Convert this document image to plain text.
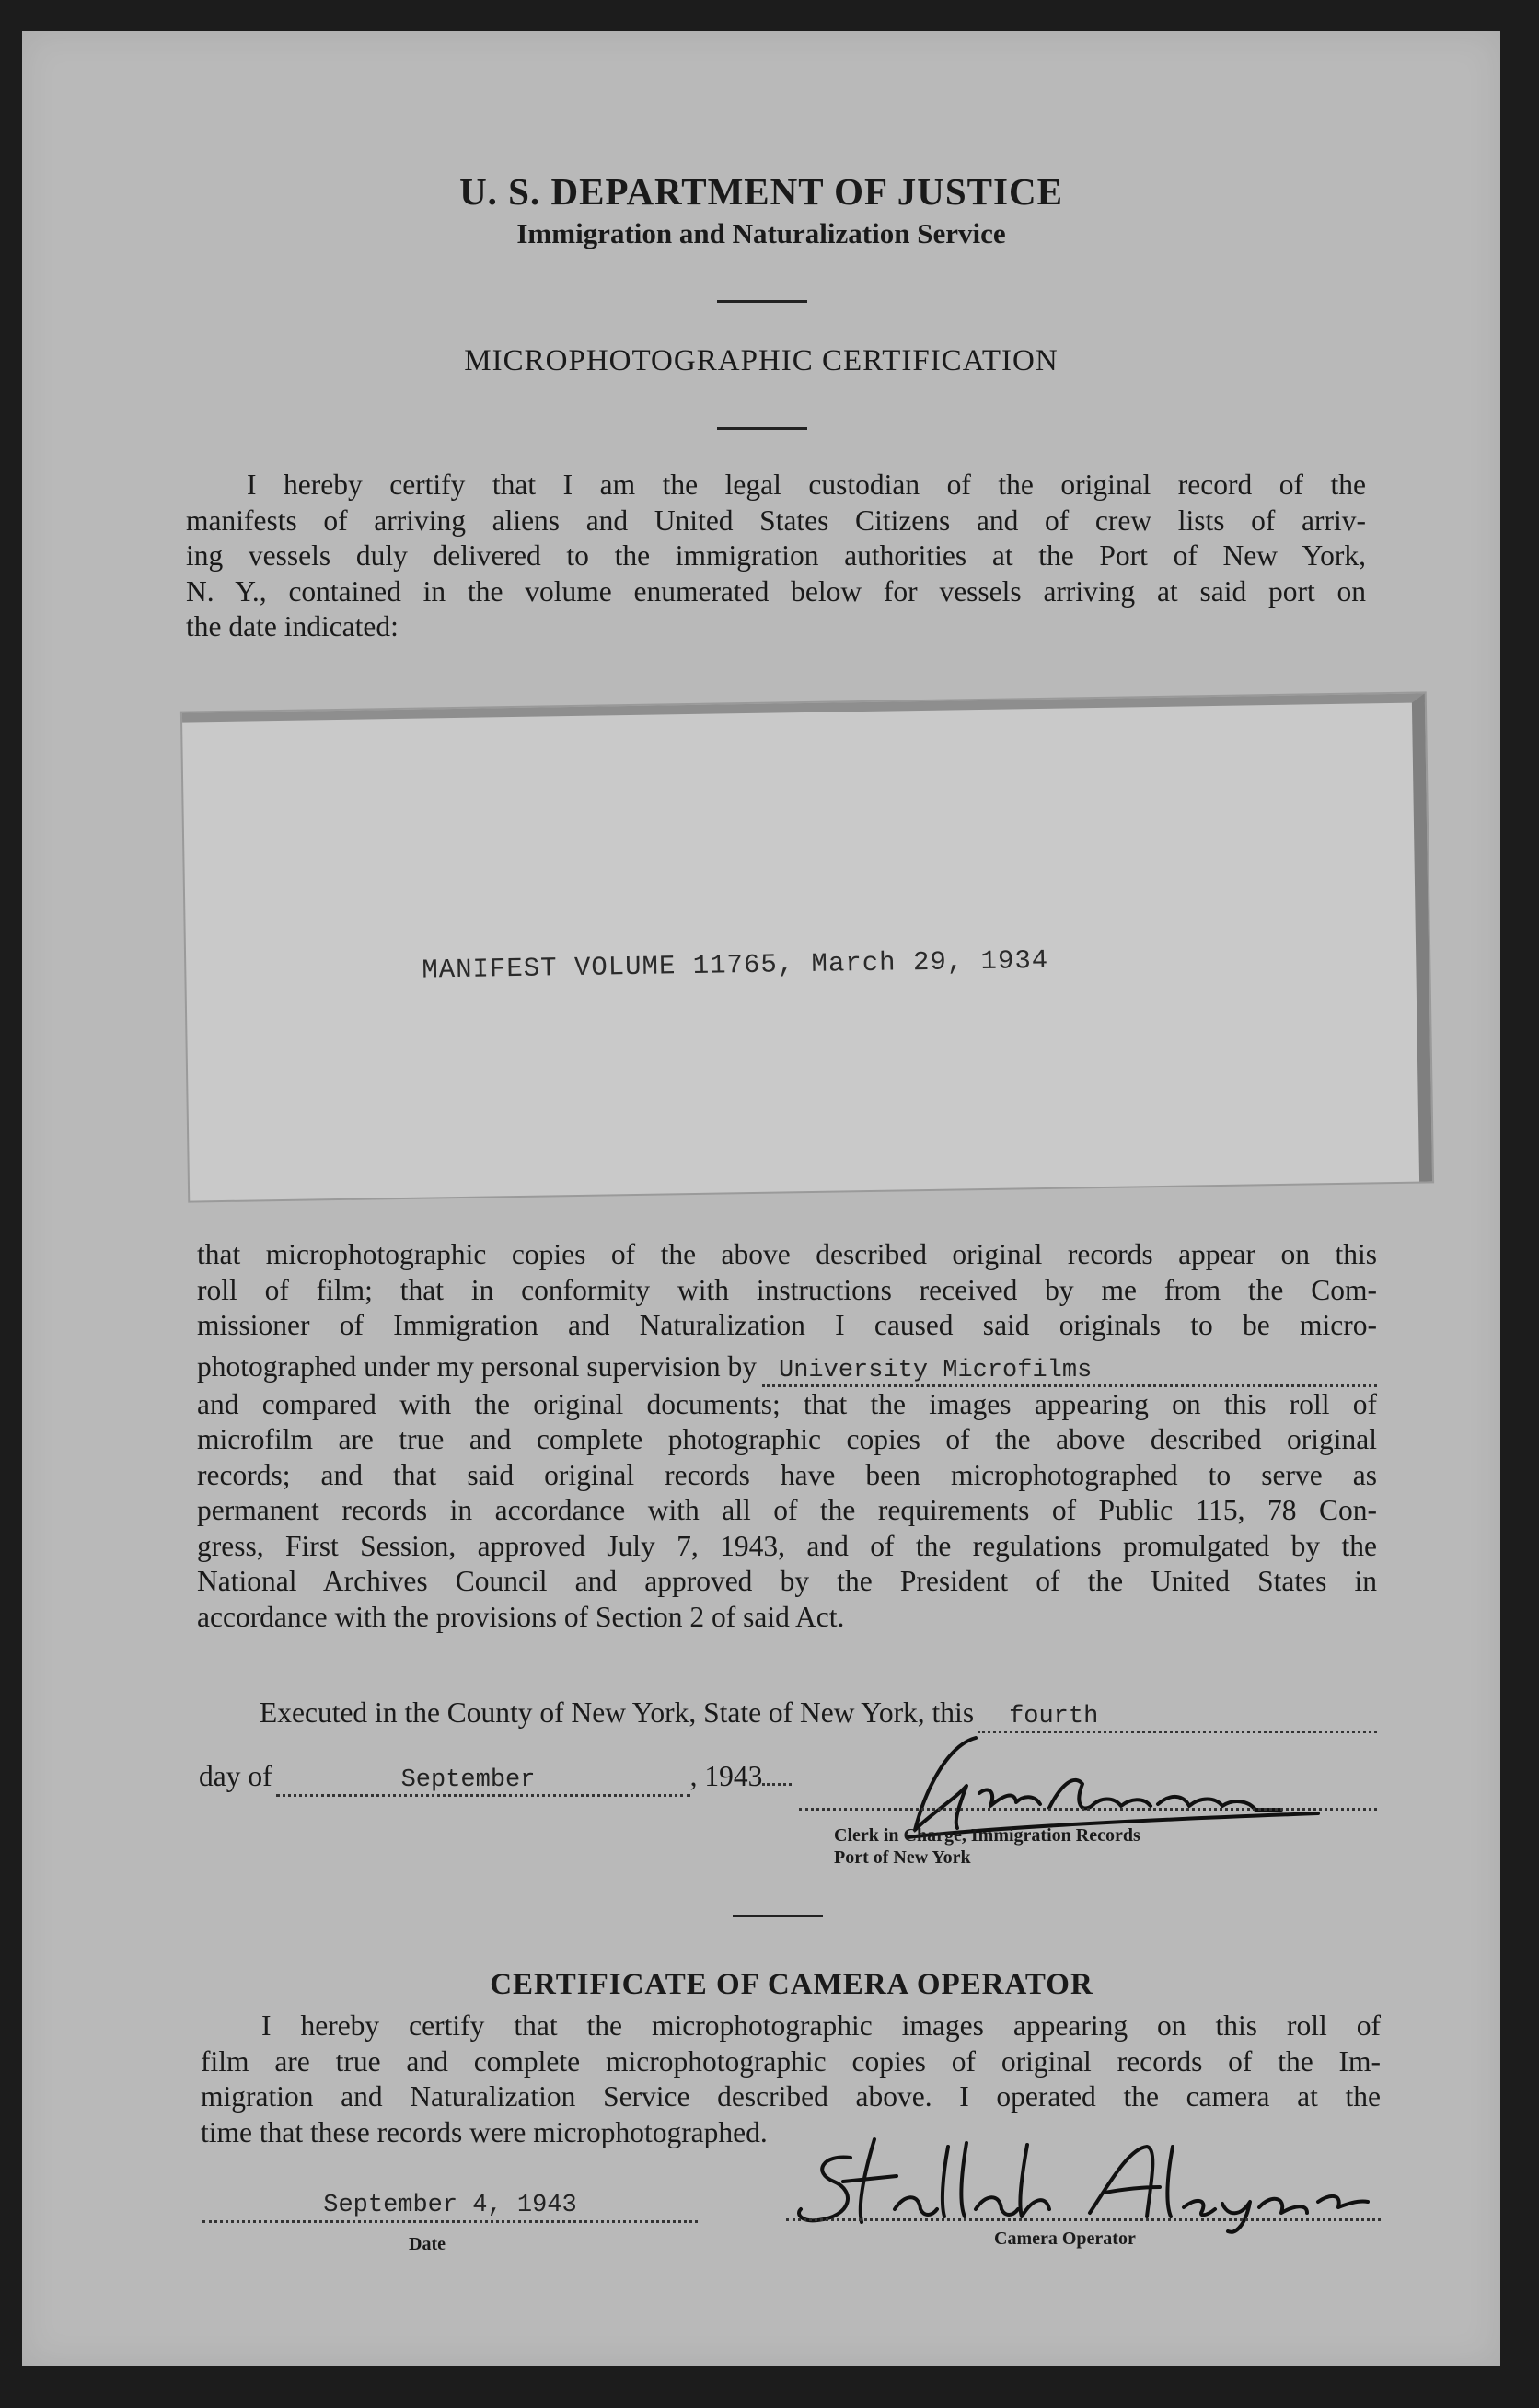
U. S. DEPARTMENT OF JUSTICE
Immigration and Naturalization Service
MICROPHOTOGRAPHIC CERTIFICATION
I hereby certify that I am the legal custodian of the original record of the
manifests of arriving aliens and United States Citizens and of crew lists of arriv-
ing vessels duly delivered to the immigration authorities at the Port of New York,
N. Y., contained in the volume enumerated below for vessels arriving at said port on
the date indicated:
MANIFEST VOLUME 11765, March 29, 1934
that microphotographic copies of the above described original records appear on this
roll of film; that in conformity with instructions received by me from the Com-
missioner of Immigration and Naturalization I caused said originals to be micro-
photographed under my personal supervision by University Microfilms
and compared with the original documents; that the images appearing on this roll of
microfilm are true and complete photographic copies of the above described original
records; and that said original records have been microphotographed to serve as
permanent records in accordance with all of the requirements of Public 115, 78 Con-
gress, First Session, approved July 7, 1943, and of the regulations promulgated by the
National Archives Council and approved by the President of the United States in
accordance with the provisions of Section 2 of said Act.
Executed in the County of New York, State of New York, this	fourth
day of	September	, 1943
Clerk in Charge, Immigration Records
Port of New York
CERTIFICATE OF CAMERA OPERATOR
I hereby certify that the microphotographic images appearing on this roll of
film are true and complete microphotographic copies of original records of the Im-
migration and Naturalization Service described above. I operated the camera at the
time that these records were microphotographed.
September 4, 1943
Date	Camera Operator
